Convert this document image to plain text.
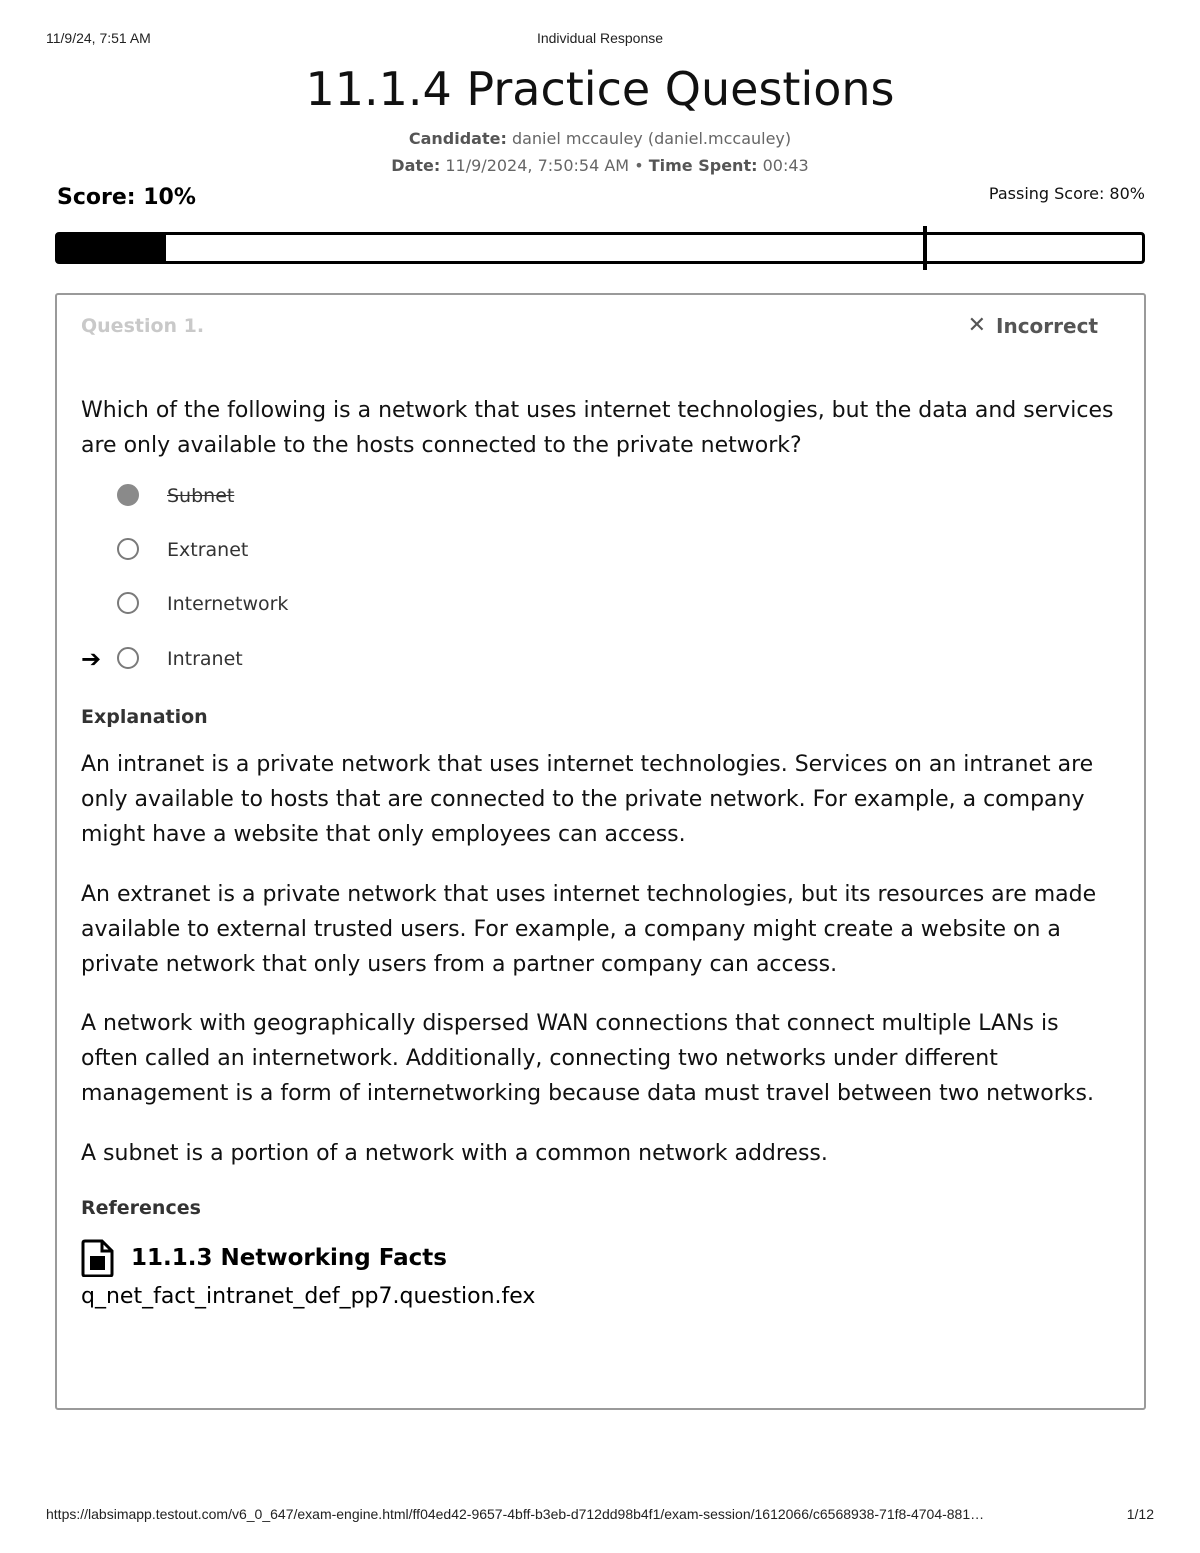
11/9/24, 7:51 AM	Individual Response
11.1.4 Practice Questions
Candidate: daniel mccauley (daniel.mccauley)
Date: 11/9/2024, 7:50:54 AM • Time Spent: 00:43
Score: 10%	Passing Score: 80%
Question 1.	✕ Incorrect
Which of the following is a network that uses internet technologies, but the data and services are only available to the hosts connected to the private network?
Subnet
Extranet
Internetwork
➔	Intranet
Explanation

An intranet is a private network that uses internet technologies. Services on an intranet are only available to hosts that are connected to the private network. For example, a company might have a website that only employees can access.

An extranet is a private network that uses internet technologies, but its resources are made available to external trusted users. For example, a company might create a website on a private network that only users from a partner company can access.

A network with geographically dispersed WAN connections that connect multiple LANs is often called an internetwork. Additionally, connecting two networks under different management is a form of internetworking because data must travel between two networks.

A subnet is a portion of a network with a common network address.

References
11.1.3 Networking Facts
q_net_fact_intranet_def_pp7.question.fex
https://labsimapp.testout.com/v6_0_647/exam-engine.html/ff04ed42-9657-4bff-b3eb-d712dd98b4f1/exam-session/1612066/c6568938-71f8-4704-881…	1/12
